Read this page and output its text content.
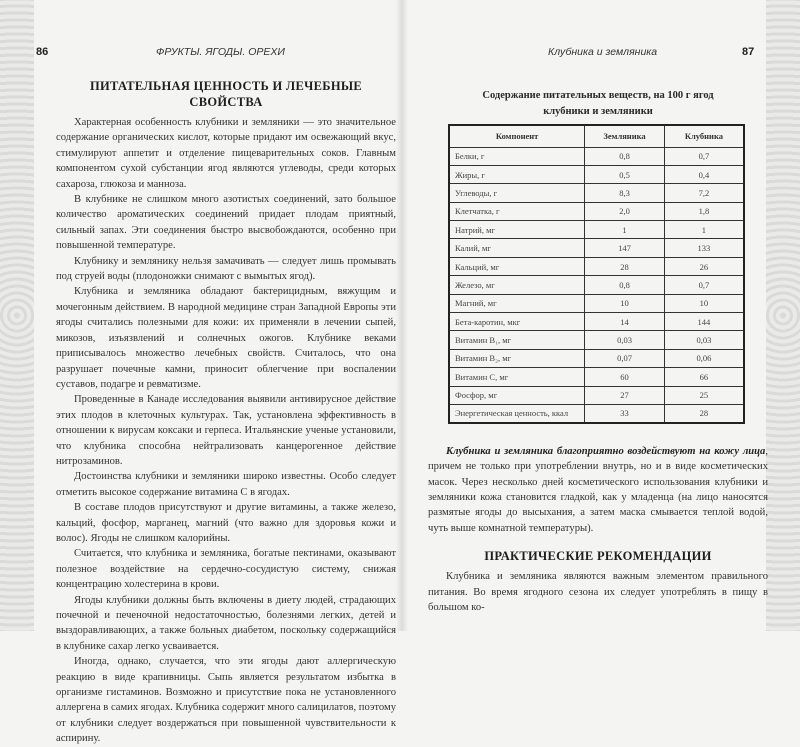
86	ФРУКТЫ. ЯГОДЫ. ОРЕХИ
ПИТАТЕЛЬНАЯ ЦЕННОСТЬ И ЛЕЧЕБНЫЕ СВОЙСТВА

Характерная особенность клубники и земляники — это значительное содержание органических кислот, которые придают им освежающий вкус, стимулируют аппетит и отделение пищеварительных соков. Главным компонентом сухой субстанции ягод являются углеводы, среди которых сахароза, глюкоза и манноза.

В клубнике не слишком много азотистых соединений, зато большое количество ароматических соединений придает плодам приятный, сильный запах. Эти соединения быстро высвобождаются, особенно при повышенной температуре.

Клубнику и землянику нельзя замачивать — следует лишь промывать под струей воды (плодоножки снимают с вымытых ягод).

Клубника и земляника обладают бактерицидным, вяжущим и мочегонным действием. В народной медицине стран Западной Европы эти ягоды считались полезными для кожи: их применяли в лечении сыпей, микозов, изъязвлений и солнечных ожогов. Клубнике веками приписывалось множество лечебных свойств. Считалось, что она разрушает почечные камни, приносит облегчение при воспалении суставов, подагре и ревматизме.

Проведенные в Канаде исследования выявили антивирусное действие этих плодов в клеточных культурах. Так, установлена эффективность в отношении к вирусам коксаки и герпеса. Итальянские ученые установили, что клубника способна нейтрализовать канцерогенное действие нитрозаминов.

Достоинства клубники и земляники широко известны. Особо следует отметить высокое содержание витамина С в ягодах.

В составе плодов присутствуют и другие витамины, а также железо, кальций, фосфор, марганец, магний (что важно для здоровья кожи и волос). Ягоды не слишком калорийны.

Считается, что клубника и земляника, богатые пектинами, оказывают полезное воздействие на сердечно-сосудистую систему, снижая концентрацию холестерина в крови.

Ягоды клубники должны быть включены в диету людей, страдающих почечной и печеночной недостаточностью, болезнями легких, детей и выздоравливающих, а также больных диабетом, поскольку содержащийся в клубнике сахар легко усваивается.

Иногда, однако, случается, что эти ягоды дают аллергическую реакцию в виде крапивницы. Сыпь является результатом избытка в организме гистаминов. Возможно и присутствие пока не установленного аллергена в самих ягодах. Клубника содержит много салицилатов, поэтому от клубники следует воздержаться при повышенной чувствительности к аспирину.

Клубника и земляника	87
Содержание питательных веществ, на 100 г ягод
клубники и земляники
Компонент	Земляника	Клубника
Белки, г	0,8	0,7
Жиры, г	0,5	0,4
Углеводы, г	8,3	7,2
Клетчатка, г	2,0	1,8
Натрий, мг	1	1
Калий, мг	147	133
Кальций, мг	28	26
Железо, мг	0,8	0,7
Магний, мг	10	10
Бета-каротин, мкг	14	144
Витамин B₁, мг	0,03	0,03
Витамин B₂, мг	0,07	0,06
Витамин С, мг	60	66
Фосфор, мг	27	25
Энергетическая ценность, ккал	33	28

Клубника и земляника благоприятно воздействуют на кожу лица, причем не только при употреблении внутрь, но и в виде косметических масок. Через несколько дней косметического использования клубники и земляники кожа становится гладкой, как у младенца (на лицо наносятся размятые ягоды до высыхания, а затем маска смывается теплой водой, чуть выше комнатной температуры).

ПРАКТИЧЕСКИЕ РЕКОМЕНДАЦИИ

Клубника и земляника являются важным элементом правильного питания. Во время ягодного сезона их следует употреблять в пищу в большом ко-
